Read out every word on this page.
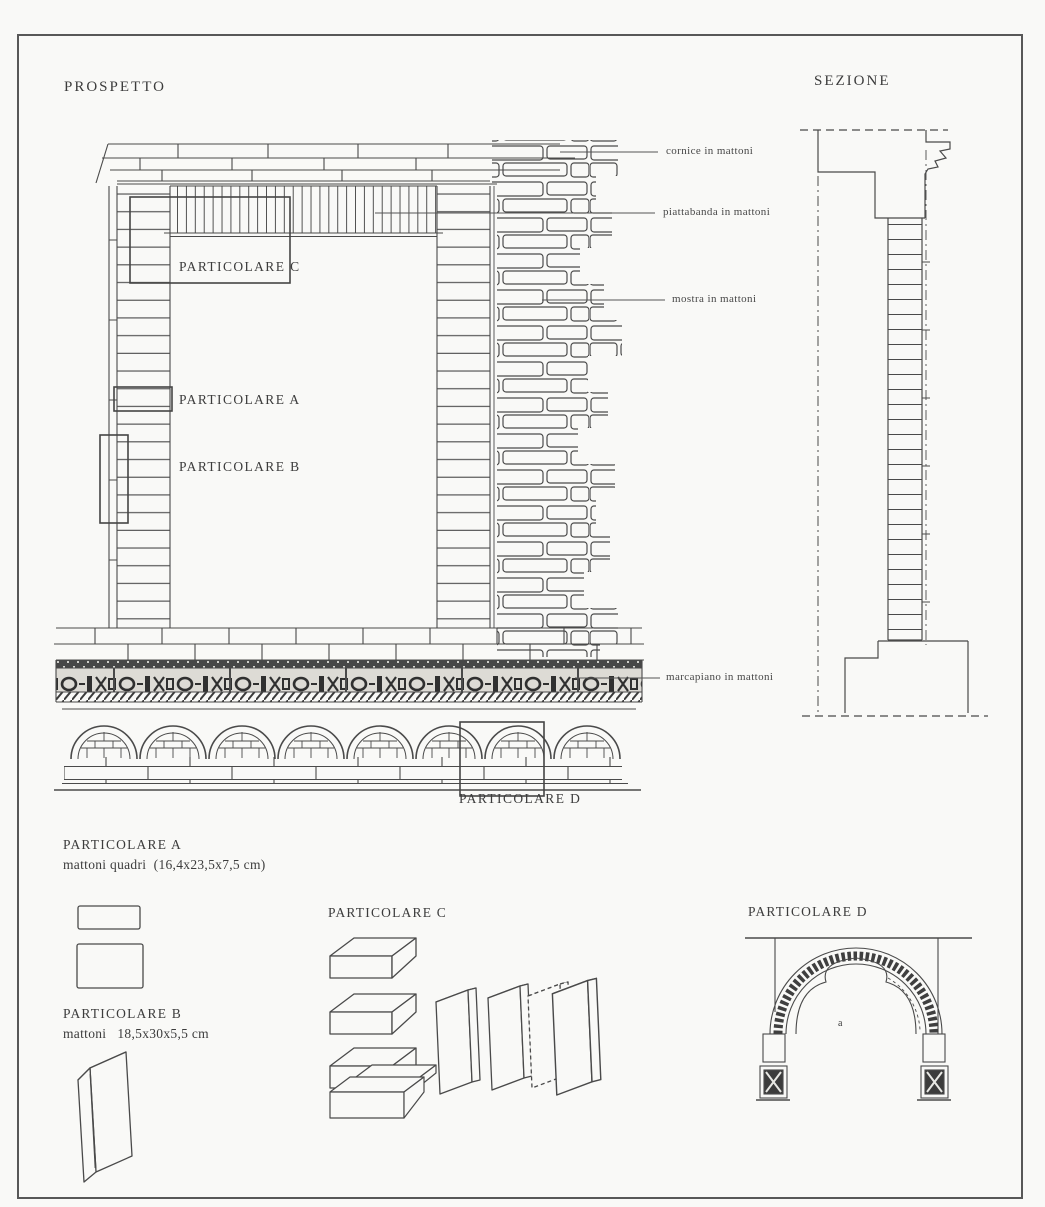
PROSPETTO	SEZIONE
cornice in mattoni
piattabanda in mattoni
mostra in mattoni
marcapiano in mattoni
PARTICOLARE C
PARTICOLARE A
PARTICOLARE B
PARTICOLARE D
PARTICOLARE A
mattoni quadri  (16,4x23,5x7,5 cm)
PARTICOLARE B
mattoni   18,5x30x5,5 cm
PARTICOLARE C	PARTICOLARE D
a
